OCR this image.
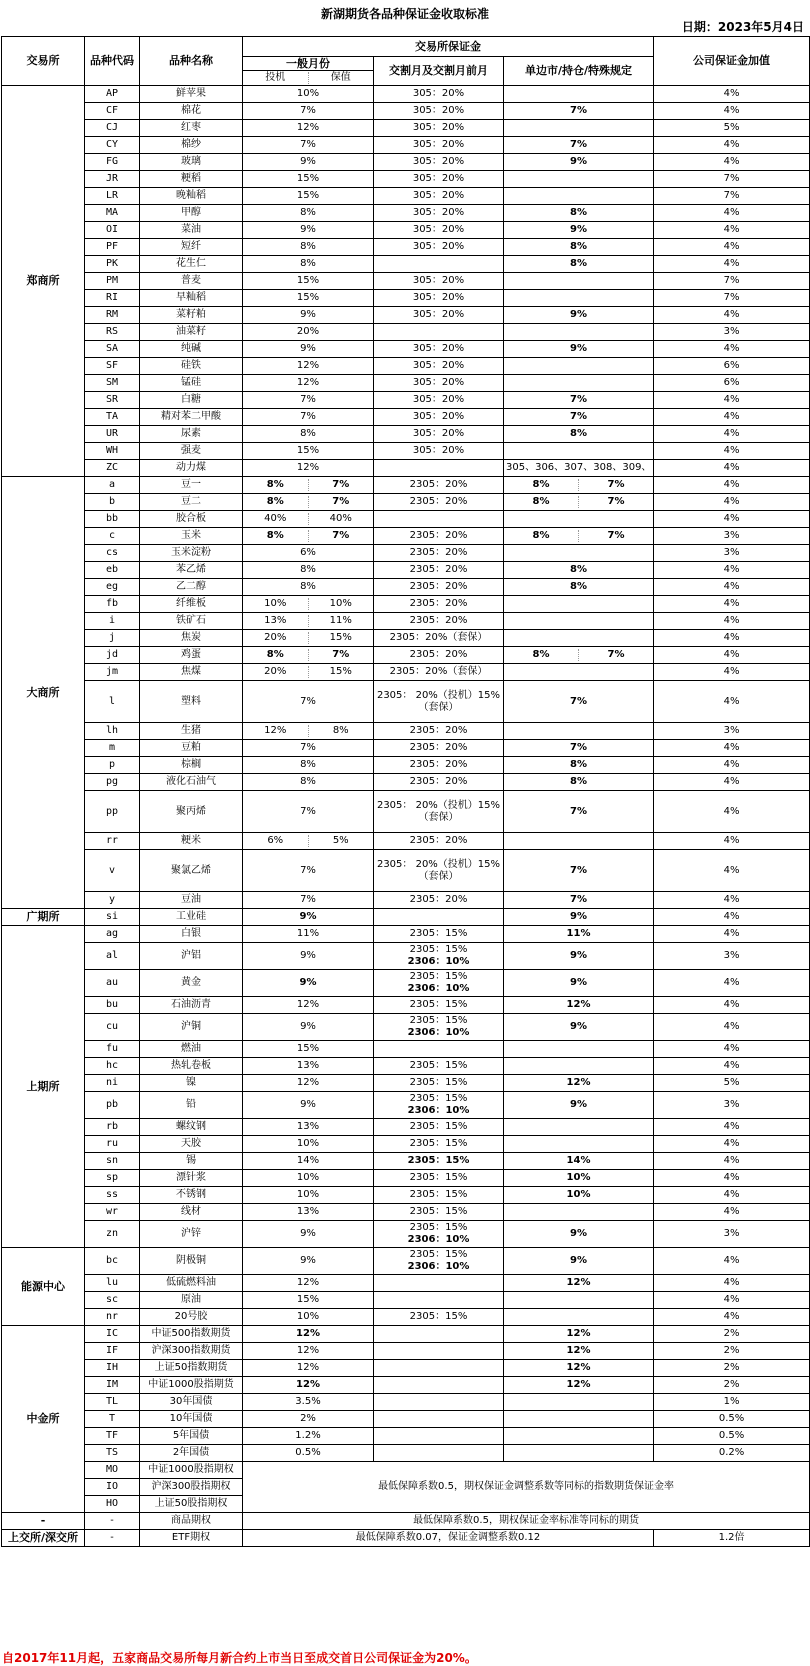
新湖期货各品种保证金收取标准
日期：2023年5月4日
交易所	品种代码	品种名称	交易所保证金			公司保证金加值
			一般月份	交割月及交割月前月	单边市/持仓/特殊规定	

			投机 保值			

郑商所	AP	鲜苹果	10%	305：20%		4%
	CF	棉花	7%	305：20%	7%	4%
	CJ	红枣	12%	305：20%		5%
	CY	棉纱	7%	305：20%	7%	4%
	FG	玻璃	9%	305：20%	9%	4%
	JR	粳稻	15%	305：20%		7%
	LR	晚籼稻	15%	305：20%		7%
	MA	甲醇	8%	305：20%	8%	4%
	OI	菜油	9%	305：20%	9%	4%
	PF	短纤	8%	305：20%	8%	4%
	PK	花生仁	8%		8%	4%
	PM	普麦	15%	305：20%		7%
	RI	早籼稻	15%	305：20%		7%
	RM	菜籽粕	9%	305：20%	9%	4%
	RS	油菜籽	20%			3%
	SA	纯碱	9%	305：20%	9%	4%
	SF	硅铁	12%	305：20%		6%
	SM	锰硅	12%	305：20%		6%
	SR	白糖	7%	305：20%	7%	4%
	TA	精对苯二甲酸	7%	305：20%	7%	4%
	UR	尿素	8%	305：20%	8%	4%
	WH	强麦	15%	305：20%		4%
	ZC	动力煤	12%		305、306、307、308、309、	4%
大商所	a	豆一	8% 7%	2305：20%	8% 7%	4%
	b	豆二	8% 7%	2305：20%	8% 7%	4%
	bb	胶合板	40% 40%			4%
	c	玉米	8% 7%	2305：20%	8% 7%	3%
	cs	玉米淀粉	6%	2305：20%		3%
	eb	苯乙烯	8%	2305：20%	8%	4%
	eg	乙二醇	8%	2305：20%	8%	4%
	fb	纤维板	10% 10%	2305：20%		4%
	i	铁矿石	13% 11%	2305：20%		4%
	j	焦炭	20% 15%	2305：20%（套保）		4%
	jd	鸡蛋	8% 7%	2305：20%	8% 7%	4%
	jm	焦煤	20% 15%	2305：20%（套保）		4%
	l	塑料	7%	2305： 20%（投机）15%（套保）	7%	4%
	lh	生猪	12% 8%	2305：20%		3%
	m	豆粕	7%	2305：20%	7%	4%
	p	棕榈	8%	2305：20%	8%	4%
	pg	液化石油气	8%	2305：20%	8%	4%
	pp	聚丙烯	7%	2305： 20%（投机）15%（套保）	7%	4%
	rr	粳米	6% 5%	2305：20%		4%
	v	聚氯乙烯	7%	2305： 20%（投机）15%（套保）	7%	4%
	y	豆油	7%	2305：20%	7%	4%
广期所	si	工业硅	9%		9%	4%
上期所	ag	白银	11%	2305：15%	11%	4%
	al	沪铝	9%	2305：15%
2306：10%	9%	3%
	au	黄金	9%	2305：15%
2306：10%	9%	4%
	bu	石油沥青	12%	2305：15%	12%	4%
	cu	沪铜	9%	2305：15%
2306：10%	9%	4%
	fu	燃油	15%			4%
	hc	热轧卷板	13%	2305：15%		4%
	ni	镍	12%	2305：15%	12%	5%
	pb	铅	9%	2305：15%
2306：10%	9%	3%
	rb	螺纹钢	13%	2305：15%		4%
	ru	天胶	10%	2305：15%		4%
	sn	锡	14%	2305：15%	14%	4%
	sp	漂针浆	10%	2305：15%	10%	4%
	ss	不锈钢	10%	2305：15%	10%	4%
	wr	线材	13%	2305：15%		4%
	zn	沪锌	9%	2305：15%
2306：10%	9%	3%
能源中心	bc	阴极铜	9%	2305：15%
2306：10%	9%	4%
	lu	低硫燃料油	12%		12%	4%
	sc	原油	15%			4%
	nr	20号胶	10%	2305：15%		4%
中金所	IC	中证500指数期货	12%		12%	2%
	IF	沪深300指数期货	12%		12%	2%
	IH	上证50指数期货	12%		12%	2%
	IM	中证1000股指期货	12%		12%	2%
	TL	30年国债	3.5%			1%
	T	10年国债	2%			0.5%
	TF	5年国债	1.2%			0.5%
	TS	2年国债	0.5%			0.2%
	MO	中证1000股指期权	最低保障系数0.5，期权保证金调整系数等同标的指数期货保证金率			
	IO	沪深300股指期权				
	HO	上证50股指期权				
-	-	商品期权	最低保障系数0.5，期权保证金率标准等同标的期货			
上交所/深交所	-	ETF期权	最低保障系数0.07，保证金调整系数0.12			1.2倍
自2017年11月起，五家商品交易所每月新合约上市当日至成交首日公司保证金为20%。
